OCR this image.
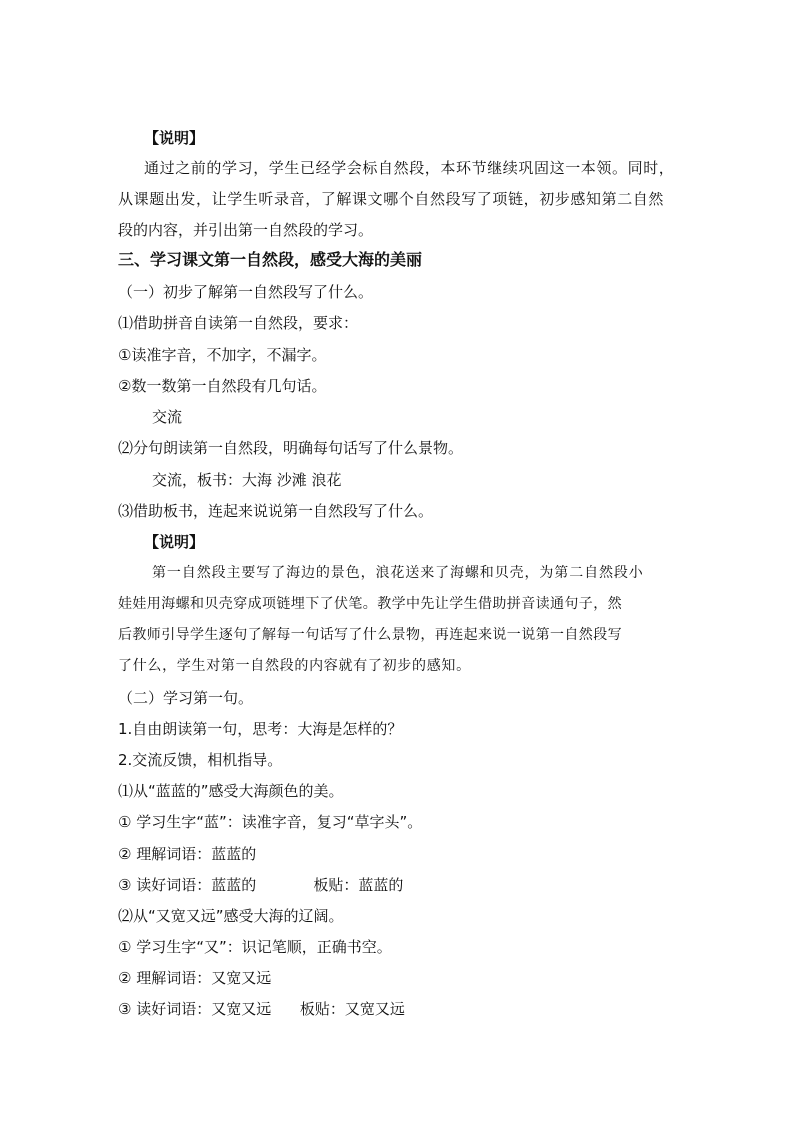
【说明】
通过之前的学习，学生已经学会标自然段，本环节继续巩固这一本领。同时，
从课题出发，让学生听录音，了解课文哪个自然段写了项链，初步感知第二自然
段的内容，并引出第一自然段的学习。
三、学习课文第一自然段，感受大海的美丽
（一）初步了解第一自然段写了什么。
⑴借助拼音自读第一自然段，要求：
①读准字音，不加字，不漏字。
②数一数第一自然段有几句话。
交流
⑵分句朗读第一自然段，明确每句话写了什么景物。
交流，板书：大海 沙滩 浪花
⑶借助板书，连起来说说第一自然段写了什么。
【说明】
第一自然段主要写了海边的景色，浪花送来了海螺和贝壳，为第二自然段小
娃娃用海螺和贝壳穿成项链埋下了伏笔。教学中先让学生借助拼音读通句子，然
后教师引导学生逐句了解每一句话写了什么景物，再连起来说一说第一自然段写
了什么，学生对第一自然段的内容就有了初步的感知。
（二）学习第一句。
1.自由朗读第一句，思考：大海是怎样的？
2.交流反馈，相机指导。
⑴从“蓝蓝的”感受大海颜色的美。
① 学习生字“蓝”：读准字音，复习“草字头”。
② 理解词语：蓝蓝的
③ 读好词语：蓝蓝的            板贴：蓝蓝的
⑵从“又宽又远”感受大海的辽阔。
① 学习生字“又”：识记笔顺，正确书空。
② 理解词语：又宽又远
③ 读好词语：又宽又远      板贴：又宽又远
